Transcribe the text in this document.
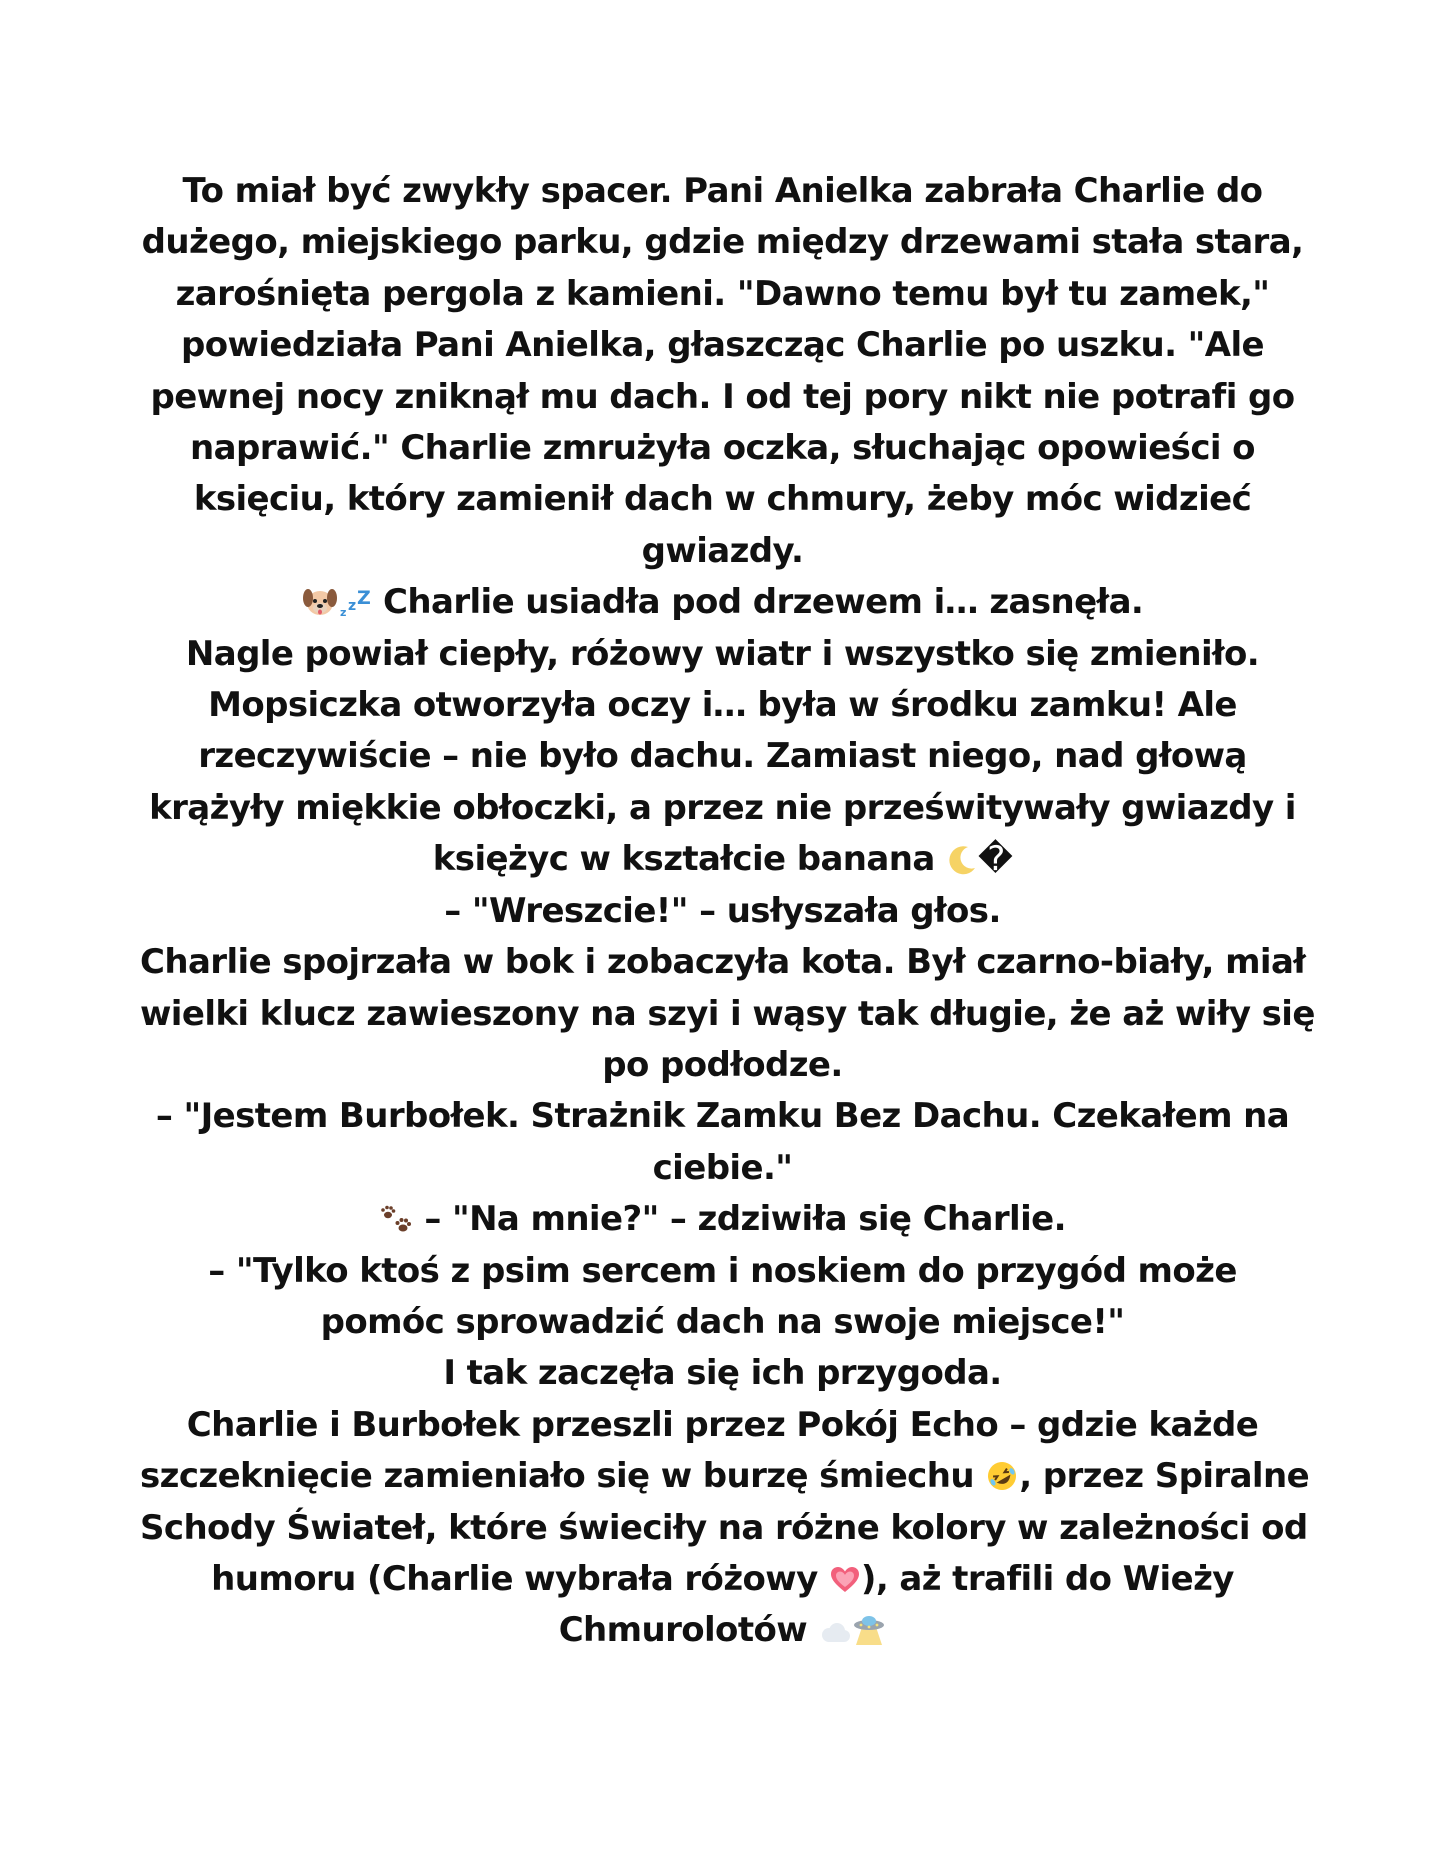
To miał być zwykły spacer. Pani Anielka zabrała Charlie do
dużego, miejskiego parku, gdzie między drzewami stała stara,
zarośnięta pergola z kamieni. "Dawno temu był tu zamek,"
powiedziała Pani Anielka, głaszcząc Charlie po uszku. "Ale
pewnej nocy zniknął mu dach. I od tej pory nikt nie potrafi go
naprawić." Charlie zmrużyła oczka, słuchając opowieści o
księciu, który zamienił dach w chmury, żeby móc widzieć
gwiazdy.
z z Z Charlie usiadła pod drzewem i… zasnęła.
Nagle powiał ciepły, różowy wiatr i wszystko się zmieniło.
Mopsiczka otworzyła oczy i… była w środku zamku! Ale
rzeczywiście – nie było dachu. Zamiast niego, nad głową
krążyły miękkie obłoczki, a przez nie prześwitywały gwiazdy i
księżyc w kształcie banana �
– "Wreszcie!" – usłyszała głos.
Charlie spojrzała w bok i zobaczyła kota. Był czarno-biały, miał
wielki klucz zawieszony na szyi i wąsy tak długie, że aż wiły się
po podłodze.
– "Jestem Burbołek. Strażnik Zamku Bez Dachu. Czekałem na
ciebie."
– "Na mnie?" – zdziwiła się Charlie.
– "Tylko ktoś z psim sercem i noskiem do przygód może
pomóc sprowadzić dach na swoje miejsce!"
I tak zaczęła się ich przygoda.
Charlie i Burbołek przeszli przez Pokój Echo – gdzie każde
szczeknięcie zamieniało się w burzę śmiechu , przez Spiralne
Schody Świateł, które świeciły na różne kolory w zależności od
humoru (Charlie wybrała różowy ), aż trafili do Wieży
Chmurolotów
